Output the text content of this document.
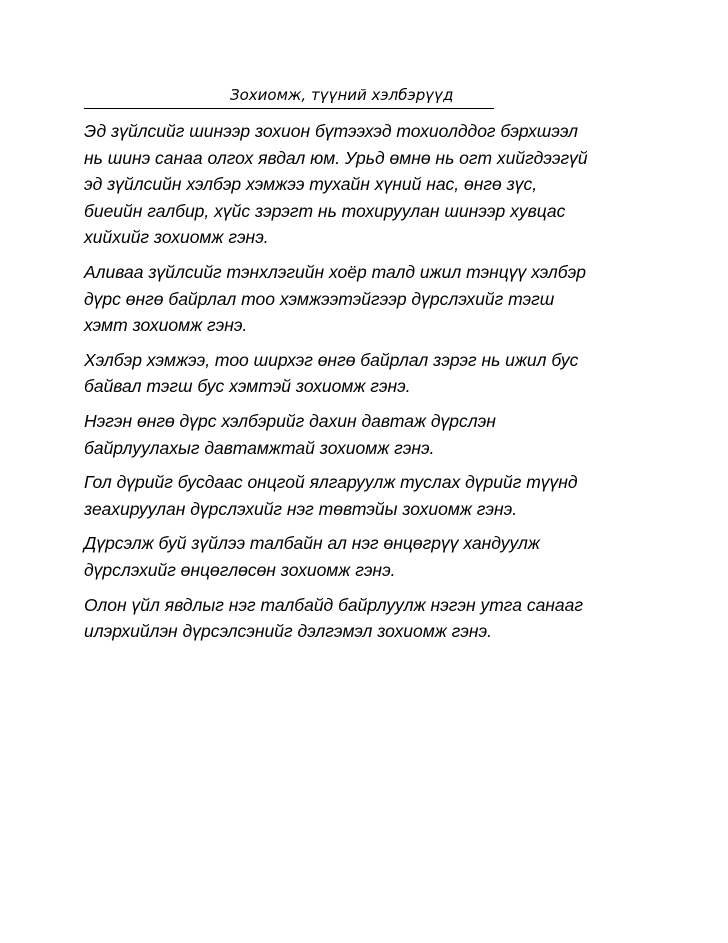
Зохиомж, түүний хэлбэрүүд

Эд зүйлсийг шинээр зохион бүтээхэд тохиолддог бэрхшээл
нь шинэ санаа олгох явдал юм. Урьд өмнө нь огт хийгдээгүй
эд зүйлсийн хэлбэр хэмжээ тухайн хүний нас, өнгө зүс,
биеийн галбир, хүйс зэрэгт нь тохируулан шинээр хувцас
хийхийг зохиомж гэнэ.

Аливаа зүйлсийг тэнхлэгийн хоёр талд ижил тэнцүү хэлбэр
дүрс өнгө байрлал тоо хэмжээтэйгээр дүрслэхийг тэгш
хэмт зохиомж гэнэ.

Хэлбэр хэмжээ, тоо ширхэг өнгө байрлал зэрэг нь ижил бус
байвал тэгш бус хэмтэй зохиомж гэнэ.

Нэгэн өнгө дүрс хэлбэрийг дахин давтаж дүрслэн
байрлуулахыг давтамжтай зохиомж гэнэ.

Гол дүрийг бусдаас онцгой ялгаруулж туслах дүрийг түүнд
зеахируулан дүрслэхийг нэг төвтэйы зохиомж гэнэ.

Дүрсэлж буй зүйлээ талбайн ал нэг өнцөгрүү хандуулж
дүрслэхийг өнцөглөсөн зохиомж гэнэ.

Олон үйл явдлыг нэг талбайд байрлуулж нэгэн утга санааг
илэрхийлэн дүрсэлсэнийг дэлгэмэл зохиомж гэнэ.
